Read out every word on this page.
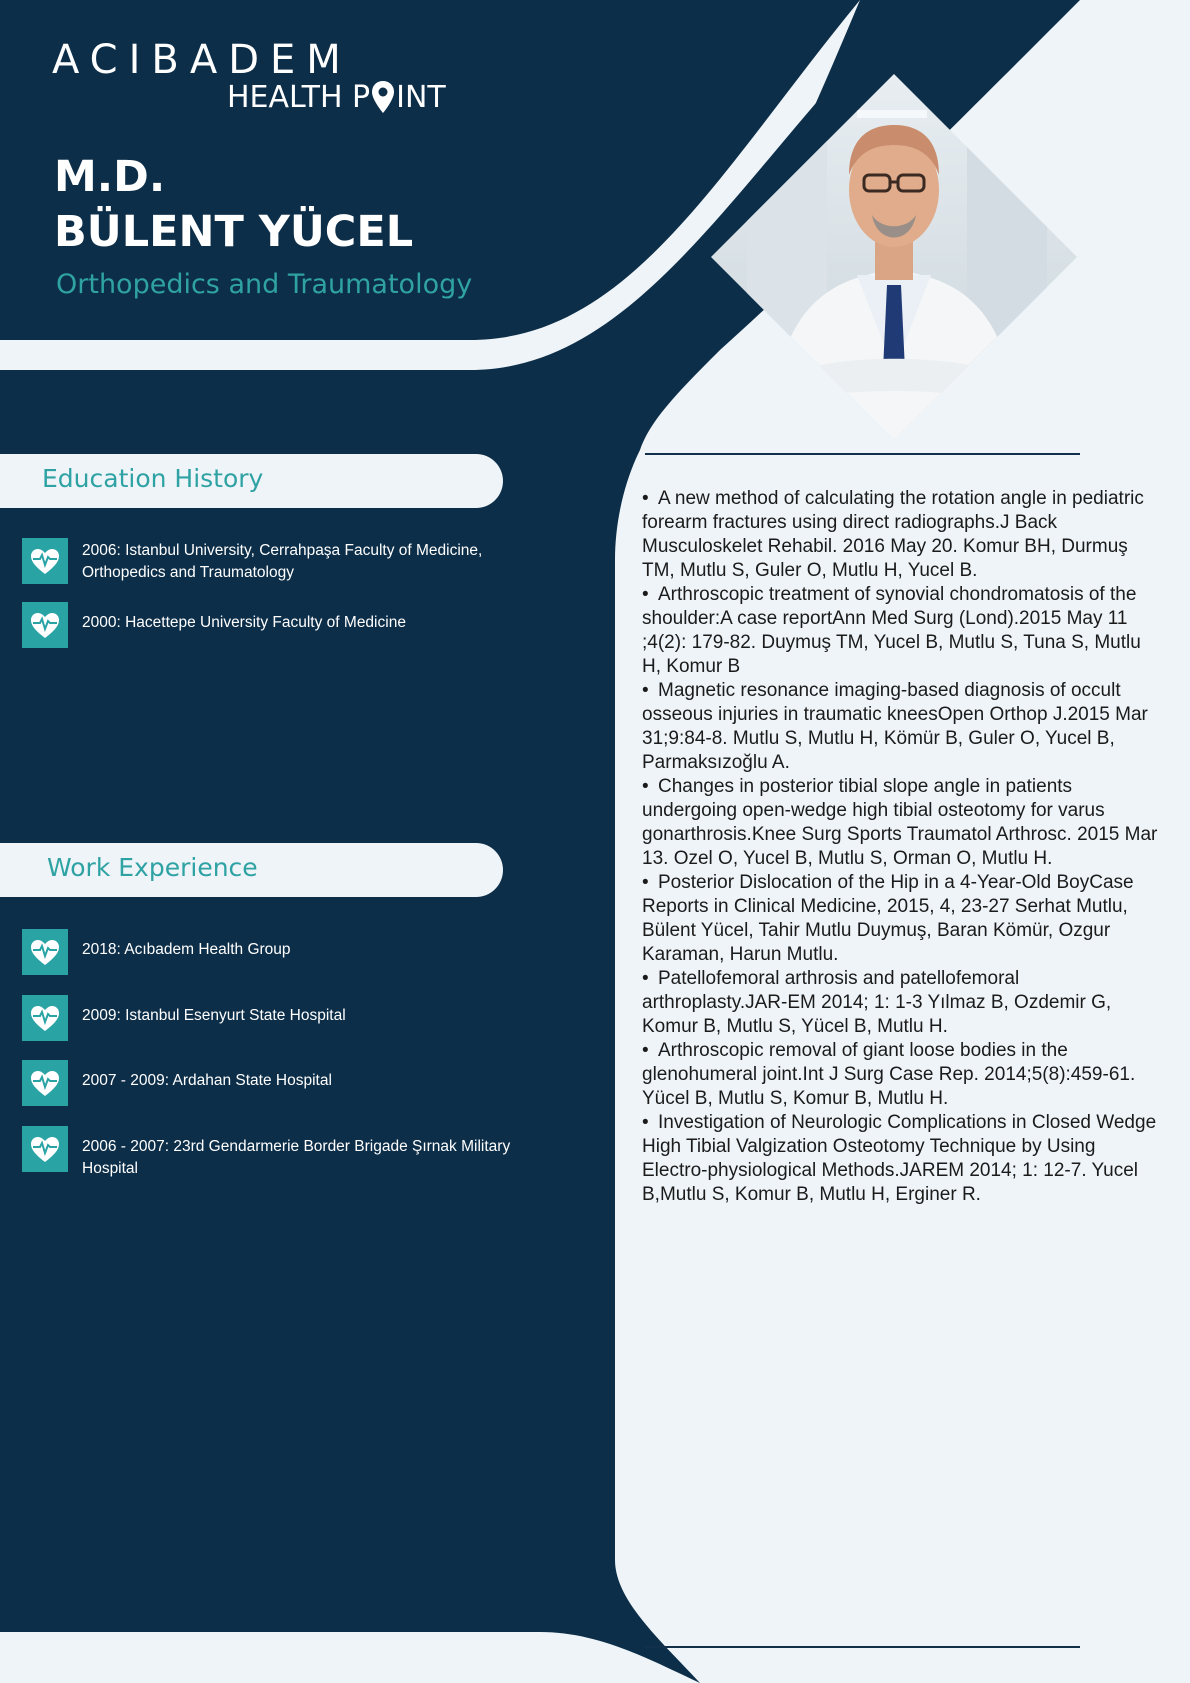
ACIBADEM
HEALTH P INT
M.D.
BÜLENT YÜCEL
Orthopedics and Traumatology
Education History
2006: Istanbul University, Cerrahpaşa Faculty of Medicine, Orthopedics and Traumatology
2000: Hacettepe University Faculty of Medicine
Work Experience
2018: Acıbadem Health Group
2009: Istanbul Esenyurt State Hospital
2007 - 2009: Ardahan State Hospital
2006 - 2007: 23rd Gendarmerie Border Brigade Şırnak Military Hospital
• A new method of calculating the rotation angle in pediatric forearm fractures using direct radiographs.J Back Musculoskelet Rehabil. 2016 May 20. Komur BH, Durmuş TM, Mutlu S, Guler O, Mutlu H, Yucel B.
• Arthroscopic treatment of synovial chondromatosis of the shoulder:A case reportAnn Med Surg (Lond).2015 May 11 ;4(2): 179-82. Duymuş TM, Yucel B, Mutlu S, Tuna S, Mutlu H, Komur B
• Magnetic resonance imaging-based diagnosis of occult osseous injuries in traumatic kneesOpen Orthop J.2015 Mar 31;9:84-8. Mutlu S, Mutlu H, Kömür B, Guler O, Yucel B, Parmaksızoğlu A.
• Changes in posterior tibial slope angle in patients undergoing open-wedge high tibial osteotomy for varus gonarthrosis.Knee Surg Sports Traumatol Arthrosc. 2015 Mar 13. Ozel O, Yucel B, Mutlu S, Orman O, Mutlu H.
• Posterior Dislocation of the Hip in a 4-Year-Old BoyCase Reports in Clinical Medicine, 2015, 4, 23-27 Serhat Mutlu, Bülent Yücel, Tahir Mutlu Duymuş, Baran Kömür, Ozgur Karaman, Harun Mutlu.
• Patellofemoral arthrosis and patellofemoral arthroplasty.JAR-EM 2014; 1: 1-3 Yılmaz B, Ozdemir G, Komur B, Mutlu S, Yücel B, Mutlu H.
• Arthroscopic removal of giant loose bodies in the glenohumeral joint.Int J Surg Case Rep. 2014;5(8):459-61. Yücel B, Mutlu S, Komur B, Mutlu H.
• Investigation of Neurologic Complications in Closed Wedge High Tibial Valgization Osteotomy Technique by Using Electro-physiological Methods.JAREM 2014; 1: 12-7. Yucel B,Mutlu S, Komur B, Mutlu H, Erginer R.
